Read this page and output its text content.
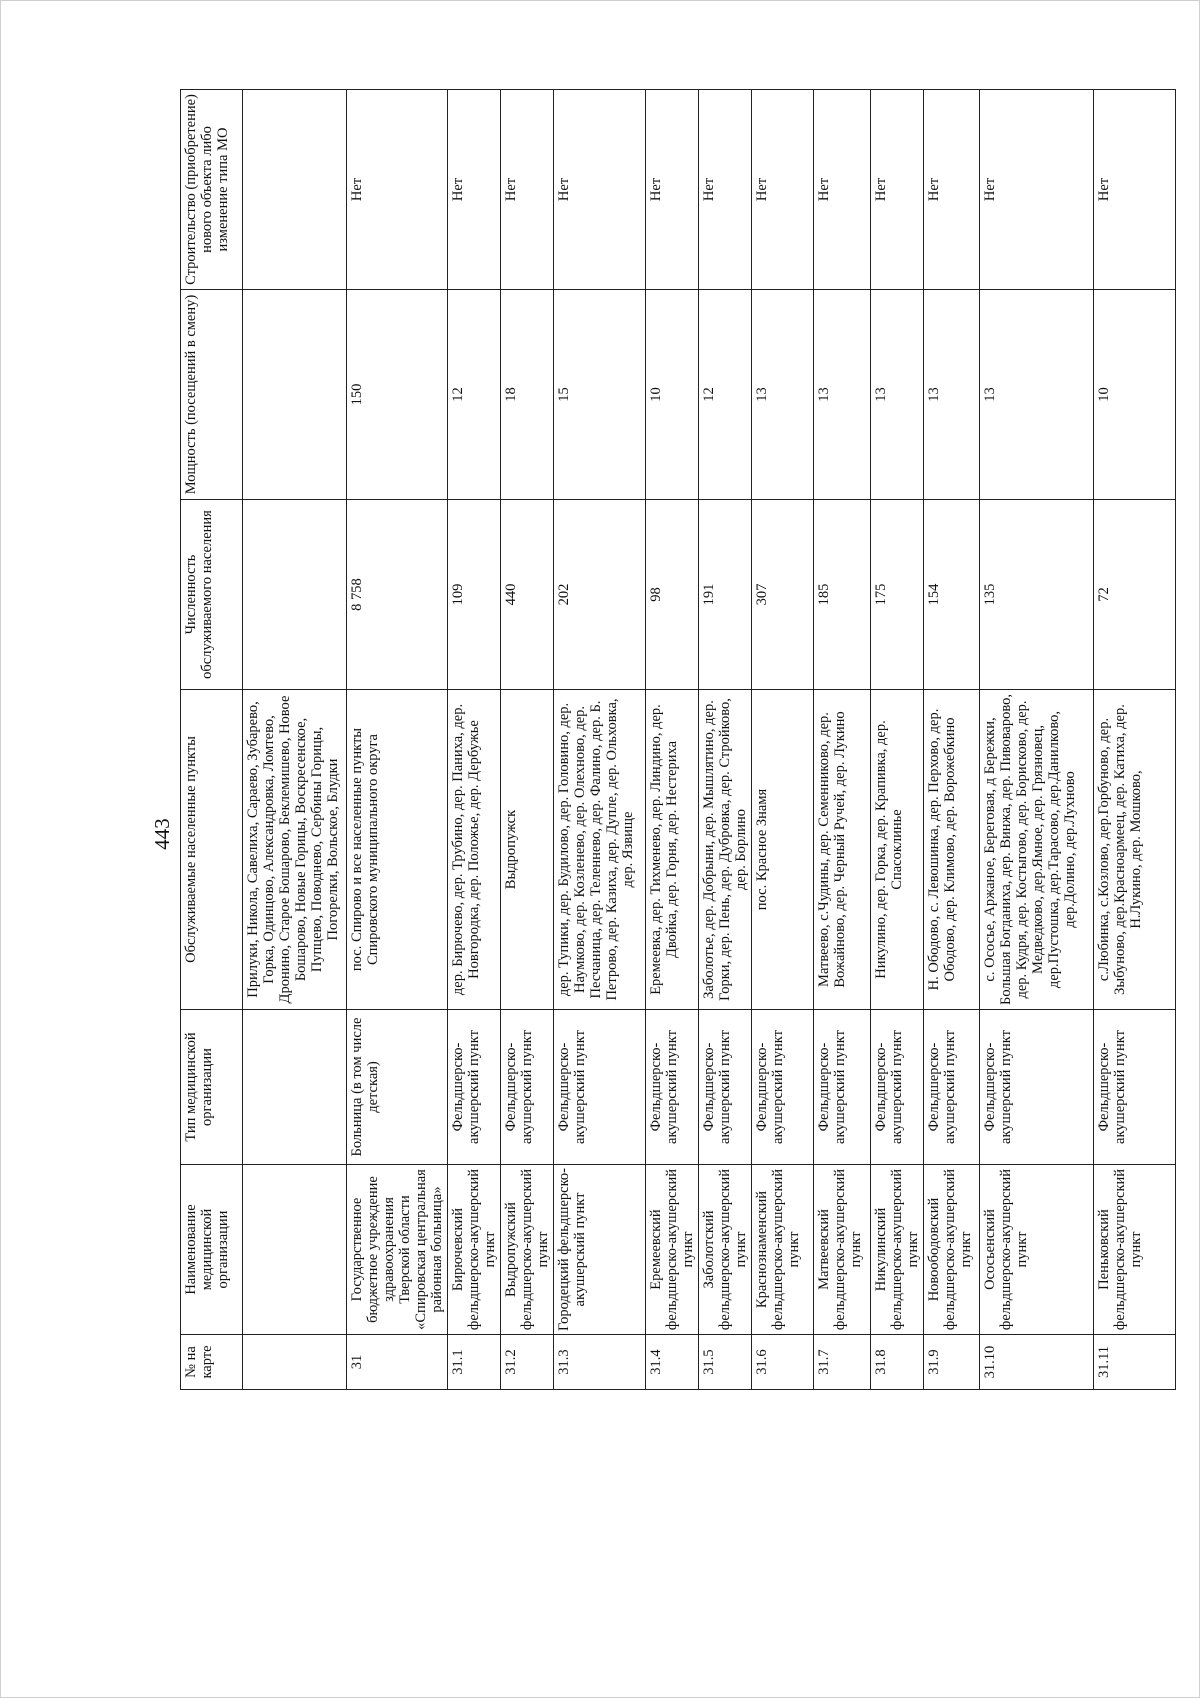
443
№ на карте	Наименование медицинской организации	Тип медицинской организации	Обслуживаемые населенные пункты	Численность обслуживаемого населения	Мощность (посещений в смену)	Строительство (приобретение) нового объекта либо изменение типа МО
			Прилуки, Никола, Савелиха, Сараево, Зубарево, Горка, Одинцово, Александровка, Ломтево, Дронино, Старое Бошарово, Беклемишево, Новое Бошарово, Новые Горицы, Воскресенское, Пупцево, Поводнево, Сербины Горицы, Погорелки, Вольское, Блудки			
31	Государственное бюджетное учреждение здравоохранения Тверской области «Спировская центральная районная больница»	Больница (в том числе детская)	пос. Спирово и все населенные пункты Спировского муниципального округа	8 758	150	Нет
31.1	Бирючевский фельдшерско-акушерский пункт	Фельдшерско-акушерский пункт	дер. Бирючево, дер. Трубино, дер. Паниха, дер. Новгородка, дер. Положье, дер. Дербужье	109	12	Нет
31.2	Выдропужский фельдшерско-акушерский пункт	Фельдшерско-акушерский пункт	Выдропужск	440	18	Нет
31.3	Городецкий фельдшерско-акушерский пункт	Фельдшерско-акушерский пункт	дер. Тупики, дер. Будилово, дер. Головино, дер. Наумково, дер. Козленево, дер. Олехново, дер. Песчаница, дер. Теленнево, дер. Фалино, дер. Б. Петрово, дер. Казиха, дер. Дупле, дер. Ольховка, дер. Язвище	202	15	Нет
31.4	Еремеевский фельдшерско-акушерский пункт	Фельдшерско-акушерский пункт	Еремеевка, дер. Тихменево, дер. Линдино, дер. Двойка, дер. Горня, дер. Нестериха	98	10	Нет
31.5	Заболотский фельдшерско-акушерский пункт	Фельдшерско-акушерский пункт	Заболотье, дер. Добрыни, дер. Мышлятино, дер. Горки, дер. Пень, дер. Дубровка, дер. Стройково, дер. Борлино	191	12	Нет
31.6	Краснознаменский фельдшерско-акушерский пункт	Фельдшерско-акушерский пункт	пос. Красное Знамя	307	13	Нет
31.7	Матвеевский фельдшерско-акушерский пункт	Фельдшерско-акушерский пункт	Матвеево, с.Чудины, дер. Семенниково, дер. Вожайново, дер. Черный Ручей, дер. Лукино	185	13	Нет
31.8	Никулинский фельдшерско-акушерский пункт	Фельдшерско-акушерский пункт	Никулино, дер. Горка, дер. Крапивка, дер. Спасоклинье	175	13	Нет
31.9	Новоободовский фельдшерско-акушерский пункт	Фельдшерско-акушерский пункт	Н. Ободово, с. Левошинка, дер. Перхово, дер. Ободово, дер. Климово, дер. Ворожебкино	154	13	Нет
31.10	Ососьенский фельдшерско-акушерский пункт	Фельдшерско-акушерский пункт	с. Ососье, Аржаное, Береговая, д Бережки, Большая Богданиха, дер. Винжа, дер. Пивоварово, дер. Кудря, дер. Костыгово, дер. Борисково, дер. Медведково, дер.Ямное, дер. Грязновец, дер.Пустошка, дер.Тарасово, дер.Данилково, дер.Долино, дер.Лухново	135	13	Нет
31.11	Пеньковский фельдшерско-акушерский пункт	Фельдшерско-акушерский пункт	с.Любинка, с.Козлово, дер.Горбуново, дер. Зыбуново, дер.Красноармеец, дер. Катиха, дер. Н.Лукино, дер. Мошково,	72	10	Нет
